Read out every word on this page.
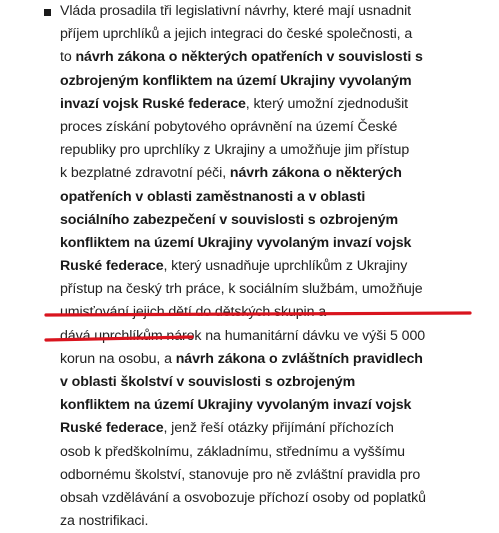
Vláda prosadila tři legislativní návrhy, které mají usnadnit
příjem uprchlíků a jejich integraci do české společnosti, a
to návrh zákona o některých opatřeních v souvislosti s
ozbrojeným konfliktem na území Ukrajiny vyvolaným
invazí vojsk Ruské federace, který umožní zjednodušit
proces získání pobytového oprávnění na území České
republiky pro uprchlíky z Ukrajiny a umožňuje jim přístup
k bezplatné zdravotní péči, návrh zákona o některých
opatřeních v oblasti zaměstnanosti a v oblasti
sociálního zabezpečení v souvislosti s ozbrojeným
konfliktem na území Ukrajiny vyvolaným invazí vojsk
Ruské federace, který usnadňuje uprchlíkům z Ukrajiny
přístup na český trh práce, k sociálním službám, umožňuje
umisťování jejich dětí do dětských skupin a
dává uprchlíkům nárok na humanitární dávku ve výši 5 000
korun na osobu, a návrh zákona o zvláštních pravidlech
v oblasti školství v souvislosti s ozbrojeným
konfliktem na území Ukrajiny vyvolaným invazí vojsk
Ruské federace, jenž řeší otázky přijímání příchozích
osob k předškolnímu, základnímu, střednímu a vyššímu
odbornému školství, stanovuje pro ně zvláštní pravidla pro
obsah vzdělávání a osvobozuje příchozí osoby od poplatků
za nostrifikaci.
